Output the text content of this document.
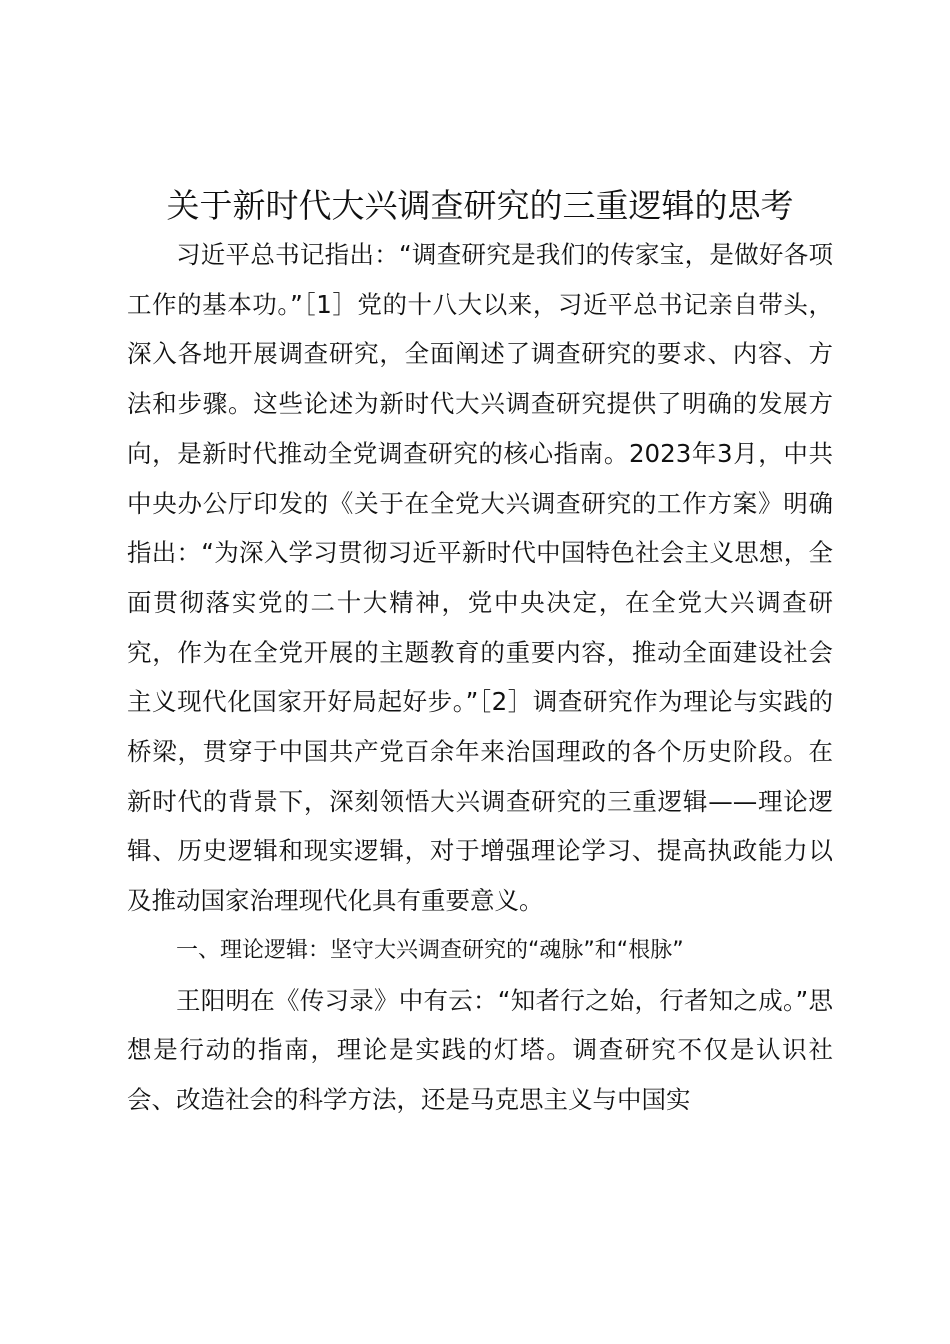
关于新时代大兴调查研究的三重逻辑的思考

习近平总书记指出：“调查研究是我们的传家宝，是做好各项工作的基本功。”［1］党的十八大以来，习近平总书记亲自带头，深入各地开展调查研究，全面阐述了调查研究的要求、内容、方法和步骤。这些论述为新时代大兴调查研究提供了明确的发展方向，是新时代推动全党调查研究的核心指南。2023年3月，中共中央办公厅印发的《关于在全党大兴调查研究的工作方案》明确指出：“为深入学习贯彻习近平新时代中国特色社会主义思想，全面贯彻落实党的二十大精神，党中央决定，在全党大兴调查研究，作为在全党开展的主题教育的重要内容，推动全面建设社会主义现代化国家开好局起好步。”［2］调查研究作为理论与实践的桥梁，贯穿于中国共产党百余年来治国理政的各个历史阶段。在新时代的背景下，深刻领悟大兴调查研究的三重逻辑——理论逻辑、历史逻辑和现实逻辑，对于增强理论学习、提高执政能力以及推动国家治理现代化具有重要意义。

一、理论逻辑：坚守大兴调查研究的“魂脉”和“根脉”

王阳明在《传习录》中有云：“知者行之始，行者知之成。”思想是行动的指南，理论是实践的灯塔。调查研究不仅是认识社会、改造社会的科学方法，还是马克思主义与中国实
